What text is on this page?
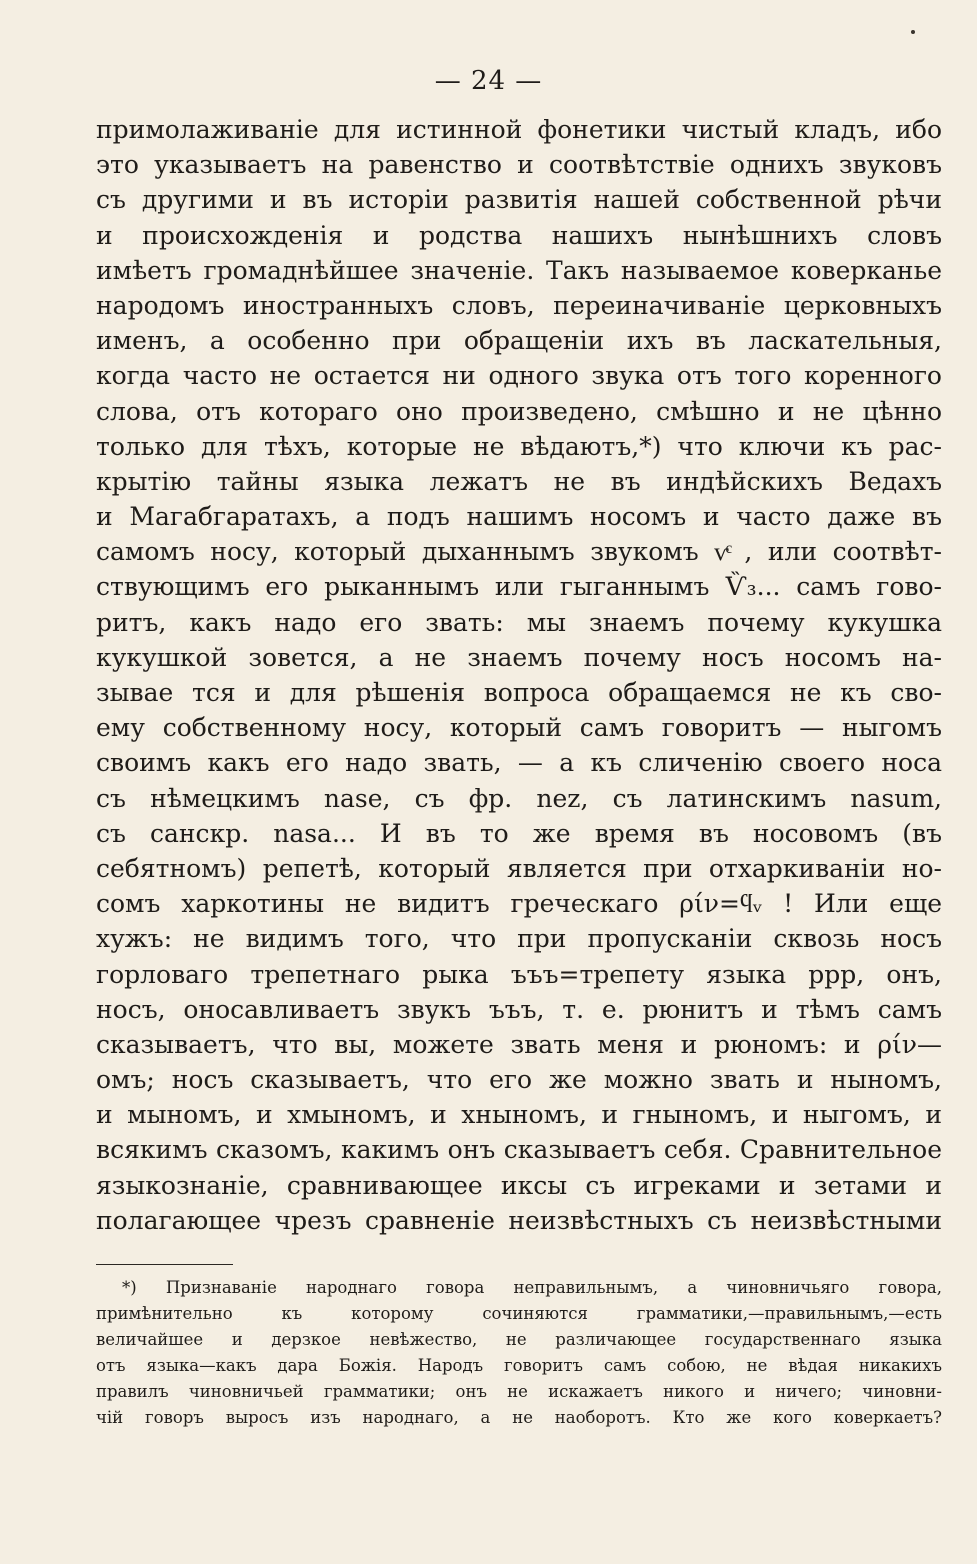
— 24 —
примолаживаніе для истинной фонетики чистый кладъ, ибо
это указываетъ на равенство и соотвѣтствіе однихъ звуковъ
съ другими и въ исторіи развитія нашей собственной рѣчи
и происхожденія и родства нашихъ нынѣшнихъ словъ
имѣетъ громаднѣйшее значеніе. Такъ называемое коверканье
народомъ иностранныхъ словъ, переиначиваніе церковныхъ
именъ, а особенно при обращеніи ихъ въ ласкательныя,
когда часто не остается ни одного звука отъ того коренного
слова, отъ котораго оно произведено, смѣшно и не цѣнно
только для тѣхъ, которые не вѣдаютъ,*) что ключи къ рас-
крытію тайны языка лежатъ не въ индѣйскихъ Ведахъ
и Магабгаратахъ, а подъ нашимъ носомъ и часто даже въ
самомъ носу, который дыханнымъ звукомъ ѵͨ , или соотвѣт-
ствующимъ его рыканнымъ или гыганнымъ Ѷ₃... самъ говo-
ритъ, какъ надо его звать: мы знаемъ почему кукушка
кукушкой зовется, а не знаемъ почему носъ носомъ на-
зывае тся и для рѣшенія вопроса обращаемся не къ сво-
ему собственному носу, который самъ говоритъ — ныгомъ
своимъ какъ его надо звать, — а къ сличенію своего носа
съ нѣмецкимъ nase, съ фр. nez, съ латинскимъ nasum,
съ санскр. nasa... И въ то же время въ носовомъ (въ
себятномъ) репетѣ, который является при отхаркиваніи но-
сомъ харкотины не видитъ греческаго ρίν=ϥᵥ ! Или еще
хужъ: не видимъ того, что при пропусканіи сквозь носъ
горловаго трепетнаго рыка ъъъ=трепету языка ррр, онъ,
носъ, оносавливаетъ звукъ ъъъ, т. е. рюнитъ и тѣмъ самъ
сказываетъ, что вы, можете звать меня и рюномъ: и ρίν—
омъ; носъ сказываетъ, что его же можно звать и нынoмъ,
и мыномъ, и хмыномъ, и хныномъ, и гныномъ, и ныгомъ, и
всякимъ сказомъ, какимъ онъ сказываетъ себя. Сравнительное
языкознаніе, сравнивающее иксы съ игреками и зетами и
полагающее чрезъ сравненіе неизвѣстныхъ съ неизвѣстными
*) Признаваніе народнаго говора неправильнымъ, а чиновничьяго говора,
примѣнительно къ которому сочиняются грамматики,—правильнымъ,—есть
величайшее и дерзкое невѣжество, не различающее государственнаго языка
отъ языка—какъ дара Божія. Народъ говоритъ самъ собою, не вѣдая никакихъ
правилъ чиновничьей грамматики; онъ не искажаетъ никого и ничего; чиновни-
чій говоръ выросъ изъ народнаго, а не наоборотъ. Кто же кого коверкаетъ?
